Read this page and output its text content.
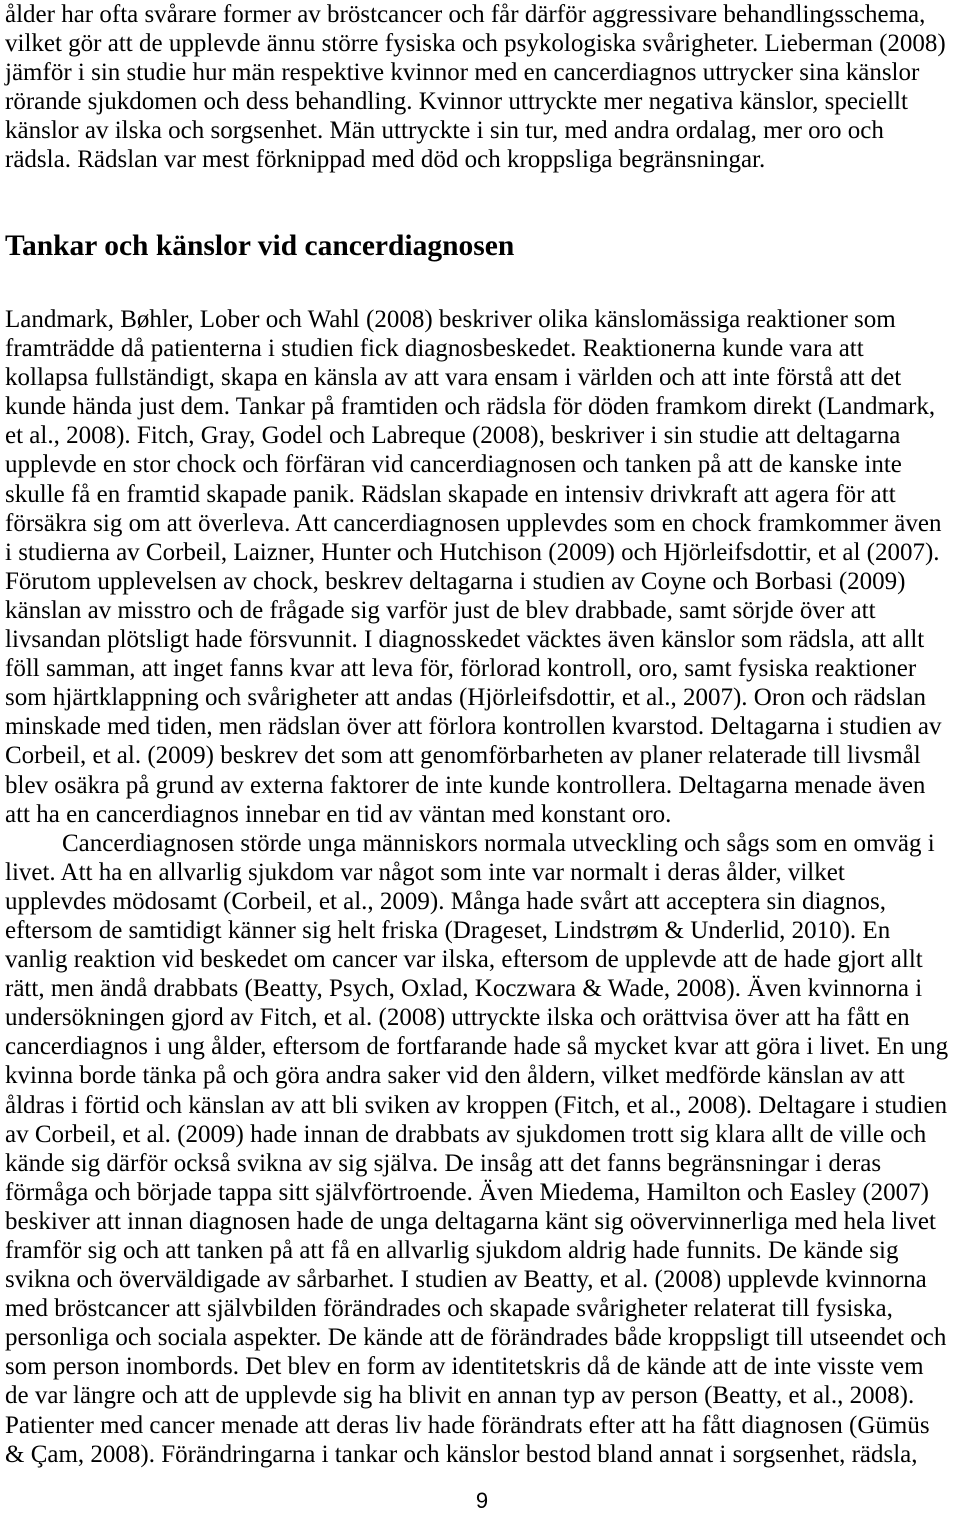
ålder har ofta svårare former av bröstcancer och får därför aggressivare behandlingsschema,
vilket gör att de upplevde ännu större fysiska och psykologiska svårigheter. Lieberman (2008)
jämför i sin studie hur män respektive kvinnor med en cancerdiagnos uttrycker sina känslor
rörande sjukdomen och dess behandling. Kvinnor uttryckte mer negativa känslor, speciellt
känslor av ilska och sorgsenhet. Män uttryckte i sin tur, med andra ordalag, mer oro och
rädsla. Rädslan var mest förknippad med död och kroppsliga begränsningar.
Tankar och känslor vid cancerdiagnosen
Landmark, Bøhler, Lober och Wahl (2008) beskriver olika känslomässiga reaktioner som
framträdde då patienterna i studien fick diagnosbeskedet. Reaktionerna kunde vara att
kollapsa fullständigt, skapa en känsla av att vara ensam i världen och att inte förstå att det
kunde hända just dem. Tankar på framtiden och rädsla för döden framkom direkt (Landmark,
et al., 2008). Fitch, Gray, Godel och Labreque (2008), beskriver i sin studie att deltagarna
upplevde en stor chock och förfäran vid cancerdiagnosen och tanken på att de kanske inte
skulle få en framtid skapade panik. Rädslan skapade en intensiv drivkraft att agera för att
försäkra sig om att överleva. Att cancerdiagnosen upplevdes som en chock framkommer även
i studierna av Corbeil, Laizner, Hunter och Hutchison (2009) och Hjörleifsdottir, et al (2007).
Förutom upplevelsen av chock, beskrev deltagarna i studien av Coyne och Borbasi (2009)
känslan av misstro och de frågade sig varför just de blev drabbade, samt sörjde över att
livsandan plötsligt hade försvunnit. I diagnosskedet väcktes även känslor som rädsla, att allt
föll samman, att inget fanns kvar att leva för, förlorad kontroll, oro, samt fysiska reaktioner
som hjärtklappning och svårigheter att andas (Hjörleifsdottir, et al., 2007). Oron och rädslan
minskade med tiden, men rädslan över att förlora kontrollen kvarstod. Deltagarna i studien av
Corbeil, et al. (2009) beskrev det som att genomförbarheten av planer relaterade till livsmål
blev osäkra på grund av externa faktorer de inte kunde kontrollera. Deltagarna menade även
att ha en cancerdiagnos innebar en tid av väntan med konstant oro.
Cancerdiagnosen störde unga människors normala utveckling och sågs som en omväg i
livet. Att ha en allvarlig sjukdom var något som inte var normalt i deras ålder, vilket
upplevdes mödosamt (Corbeil, et al., 2009). Många hade svårt att acceptera sin diagnos,
eftersom de samtidigt känner sig helt friska (Drageset, Lindstrøm & Underlid, 2010). En
vanlig reaktion vid beskedet om cancer var ilska, eftersom de upplevde att de hade gjort allt
rätt, men ändå drabbats (Beatty, Psych, Oxlad, Koczwara & Wade, 2008). Även kvinnorna i
undersökningen gjord av Fitch, et al. (2008) uttryckte ilska och orättvisa över att ha fått en
cancerdiagnos i ung ålder, eftersom de fortfarande hade så mycket kvar att göra i livet. En ung
kvinna borde tänka på och göra andra saker vid den åldern, vilket medförde känslan av att
åldras i förtid och känslan av att bli sviken av kroppen (Fitch, et al., 2008). Deltagare i studien
av Corbeil, et al. (2009) hade innan de drabbats av sjukdomen trott sig klara allt de ville och
kände sig därför också svikna av sig själva. De insåg att det fanns begränsningar i deras
förmåga och började tappa sitt självförtroende. Även Miedema, Hamilton och Easley (2007)
beskiver att innan diagnosen hade de unga deltagarna känt sig oövervinnerliga med hela livet
framför sig och att tanken på att få en allvarlig sjukdom aldrig hade funnits. De kände sig
svikna och överväldigade av sårbarhet. I studien av Beatty, et al. (2008) upplevde kvinnorna
med bröstcancer att självbilden förändrades och skapade svårigheter relaterat till fysiska,
personliga och sociala aspekter. De kände att de förändrades både kroppsligt till utseendet och
som person inombords. Det blev en form av identitetskris då de kände att de inte visste vem
de var längre och att de upplevde sig ha blivit en annan typ av person (Beatty, et al., 2008).
Patienter med cancer menade att deras liv hade förändrats efter att ha fått diagnosen (Gümüs
& Çam, 2008). Förändringarna i tankar och känslor bestod bland annat i sorgsenhet, rädsla,
9
